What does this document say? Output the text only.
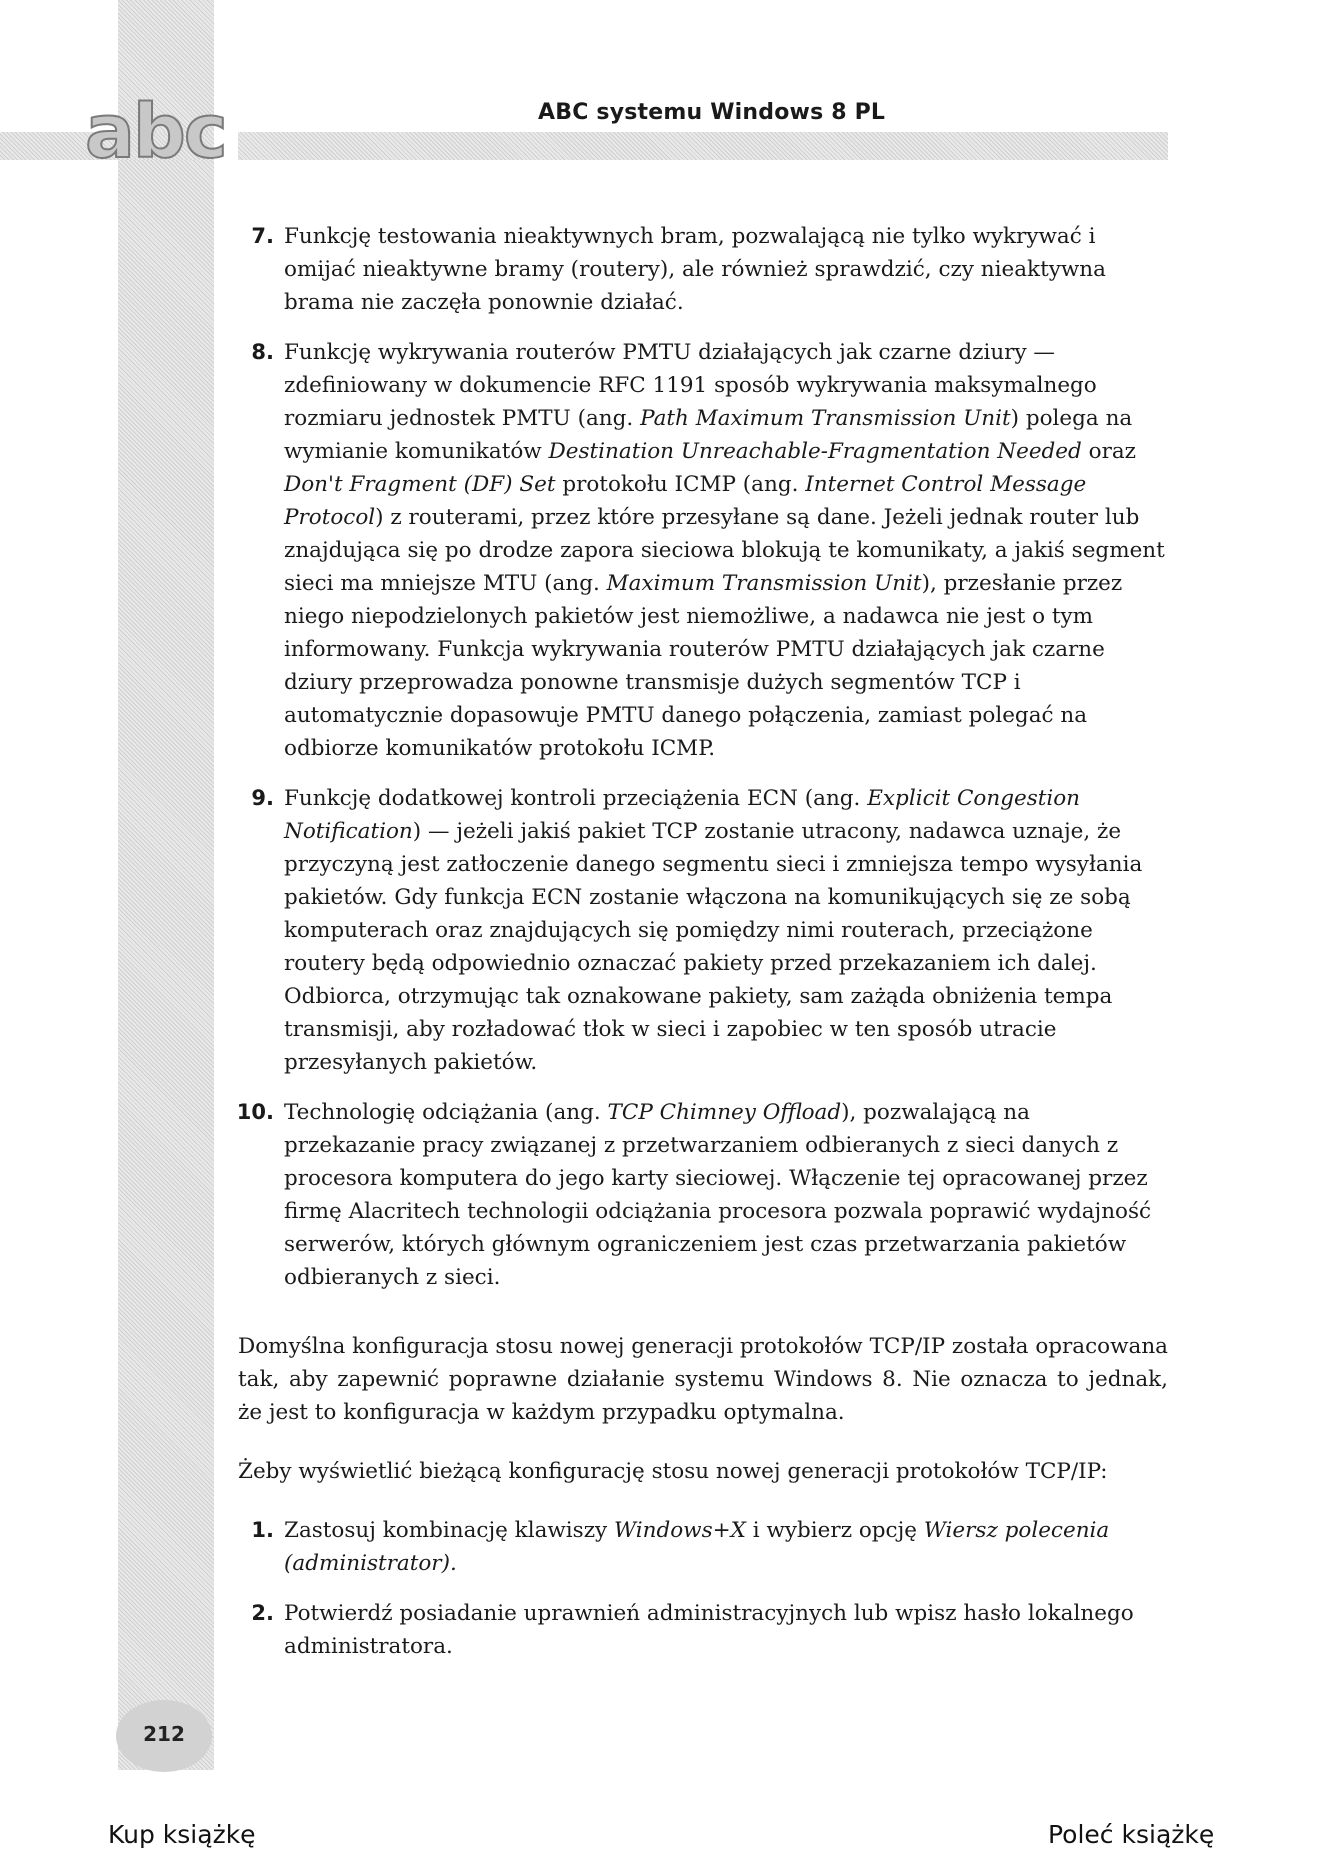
abc	ABC systemu Windows 8 PL
7. Funkcję testowania nieaktywnych bram, pozwalającą nie tylko wykrywać i omijać nieaktywne bramy (routery), ale również sprawdzić, czy nieaktywna brama nie zaczęła ponownie działać.
8. Funkcję wykrywania routerów PMTU działających jak czarne dziury — zdefiniowany w dokumencie RFC 1191 sposób wykrywania maksymalnego rozmiaru jednostek PMTU (ang. Path Maximum Transmission Unit) polega na wymianie komunikatów Destination Unreachable-Fragmentation Needed oraz Don't Fragment (DF) Set protokołu ICMP (ang. Internet Control Message Protocol) z routerami, przez które przesyłane są dane. Jeżeli jednak router lub znajdująca się po drodze zapora sieciowa blokują te komunikaty, a jakiś segment sieci ma mniejsze MTU (ang. Maximum Transmission Unit), przesłanie przez niego niepodzielonych pakietów jest niemożliwe, a nadawca nie jest o tym informowany. Funkcja wykrywania routerów PMTU działających jak czarne dziury przeprowadza ponowne transmisje dużych segmentów TCP i automatycznie dopasowuje PMTU danego połączenia, zamiast polegać na odbiorze komunikatów protokołu ICMP.
9. Funkcję dodatkowej kontroli przeciążenia ECN (ang. Explicit Congestion Notification) — jeżeli jakiś pakiet TCP zostanie utracony, nadawca uznaje, że przyczyną jest zatłoczenie danego segmentu sieci i zmniejsza tempo wysyłania pakietów. Gdy funkcja ECN zostanie włączona na komunikujących się ze sobą komputerach oraz znajdujących się pomiędzy nimi routerach, przeciążone routery będą odpowiednio oznaczać pakiety przed przekazaniem ich dalej. Odbiorca, otrzymując tak oznakowane pakiety, sam zażąda obniżenia tempa transmisji, aby rozładować tłok w sieci i zapobiec w ten sposób utracie przesyłanych pakietów.
10. Technologię odciążania (ang. TCP Chimney Offload), pozwalającą na przekazanie pracy związanej z przetwarzaniem odbieranych z sieci danych z procesora komputera do jego karty sieciowej. Włączenie tej opracowanej przez firmę Alacritech technologii odciążania procesora pozwala poprawić wydajność serwerów, których głównym ograniczeniem jest czas przetwarzania pakietów odbieranych z sieci.

Domyślna konfiguracja stosu nowej generacji protokołów TCP/IP została opracowana tak, aby zapewnić poprawne działanie systemu Windows 8. Nie oznacza to jednak, że jest to konfiguracja w każdym przypadku optymalna.

Żeby wyświetlić bieżącą konfigurację stosu nowej generacji protokołów TCP/IP:

1. Zastosuj kombinację klawiszy Windows+X i wybierz opcję Wiersz polecenia (administrator).
2. Potwierdź posiadanie uprawnień administracyjnych lub wpisz hasło lokalnego administratora.
212
Kup książkę	Poleć książkę
